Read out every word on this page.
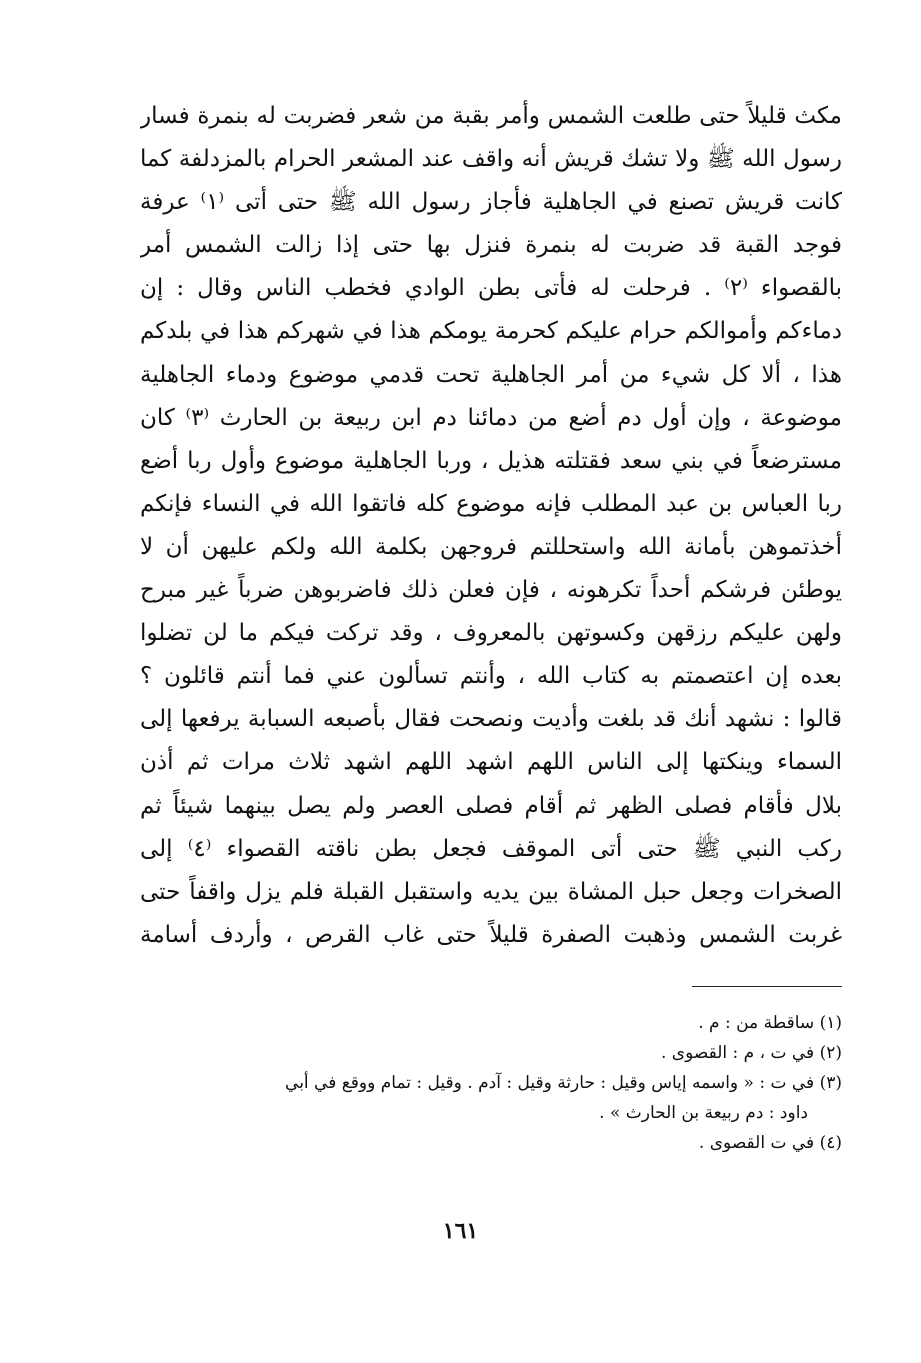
مكث قليلاً حتى طلعت الشمس وأمر بقبة من شعر فضربت له بنمرة فسار
رسول الله ﷺ ولا تشك قريش أنه واقف عند المشعر الحرام بالمزدلفة كما
كانت قريش تصنع في الجاهلية فأجاز رسول الله ﷺ حتى أتى ⁽١⁾ عرفة
فوجد القبة قد ضربت له بنمرة فنزل بها حتى إذا زالت الشمس أمر
بالقصواء ⁽٢⁾ . فرحلت له فأتى بطن الوادي فخطب الناس وقال : إن
دماءكم وأموالكم حرام عليكم كحرمة يومكم هذا في شهركم هذا في بلدكم
هذا ، ألا كل شيء من أمر الجاهلية تحت قدمي موضوع ودماء الجاهلية
موضوعة ، وإن أول دم أضع من دمائنا دم ابن ربيعة بن الحارث ⁽٣⁾ كان
مسترضعاً في بني سعد فقتلته هذيل ، وربا الجاهلية موضوع وأول ربا أضع
ربا العباس بن عبد المطلب فإنه موضوع كله فاتقوا الله في النساء فإنكم
أخذتموهن بأمانة الله واستحللتم فروجهن بكلمة الله ولكم عليهن أن لا
يوطئن فرشكم أحداً تكرهونه ، فإن فعلن ذلك فاضربوهن ضرباً غير مبرح
ولهن عليكم رزقهن وكسوتهن بالمعروف ، وقد تركت فيكم ما لن تضلوا
بعده إن اعتصمتم به كتاب الله ، وأنتم تسألون عني فما أنتم قائلون ؟
قالوا : نشهد أنك قد بلغت وأديت ونصحت فقال بأصبعه السبابة يرفعها إلى
السماء وينكتها إلى الناس اللهم اشهد اللهم اشهد ثلاث مرات ثم أذن
بلال فأقام فصلى الظهر ثم أقام فصلى العصر ولم يصل بينهما شيئاً ثم
ركب النبي ﷺ حتى أتى الموقف فجعل بطن ناقته القصواء ⁽٤⁾ إلى
الصخرات وجعل حبل المشاة بين يديه واستقبل القبلة فلم يزل واقفاً حتى
غربت الشمس وذهبت الصفرة قليلاً حتى غاب القرص ، وأردف أسامة
(١) ساقطة من : م .
(٢) في ت ، م : القصوى .
(٣) في ت : « واسمه إياس وقيل : حارثة وقيل : آدم . وقيل : تمام ووقع في أبي
داود : دم ربيعة بن الحارث » .
(٤) في ت القصوى .
١٦١
